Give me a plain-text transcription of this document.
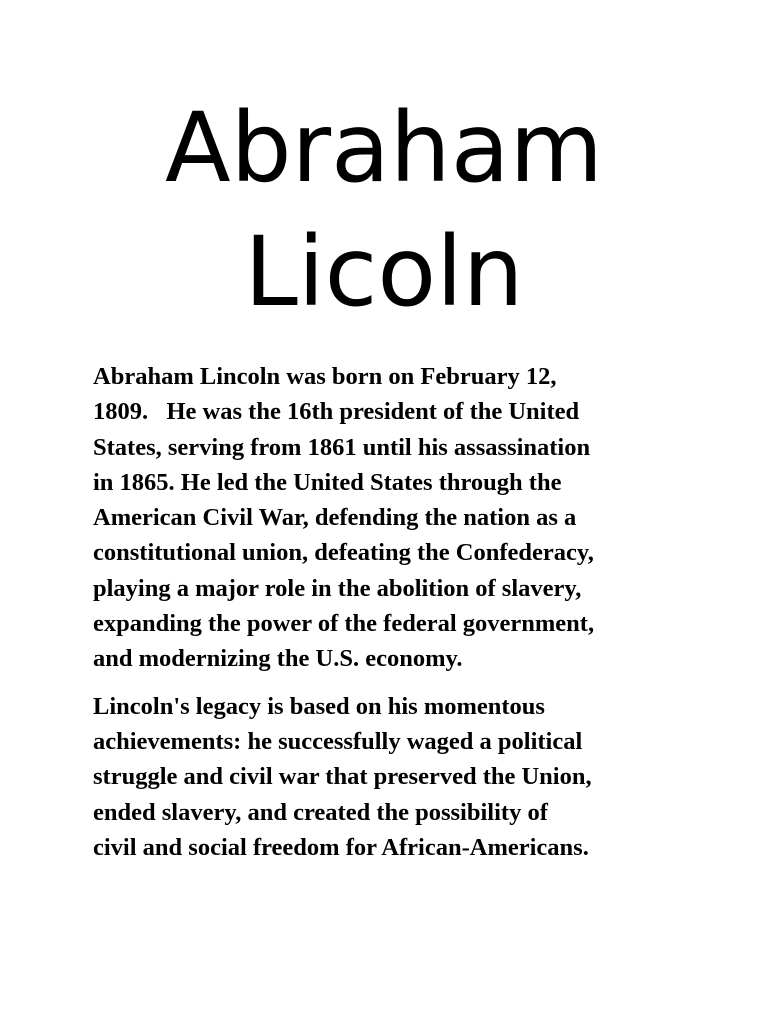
Abraham
Licoln

Abraham Lincoln was born on February 12,
1809.   He was the 16th president of the United
States, serving from 1861 until his assassination
in 1865. He led the United States through the
American Civil War, defending the nation as a
constitutional union, defeating the Confederacy,
playing a major role in the abolition of slavery,
expanding the power of the federal government,
and modernizing the U.S. economy.

Lincoln's legacy is based on his momentous
achievements: he successfully waged a political
struggle and civil war that preserved the Union,
ended slavery, and created the possibility of
civil and social freedom for African-Americans.
